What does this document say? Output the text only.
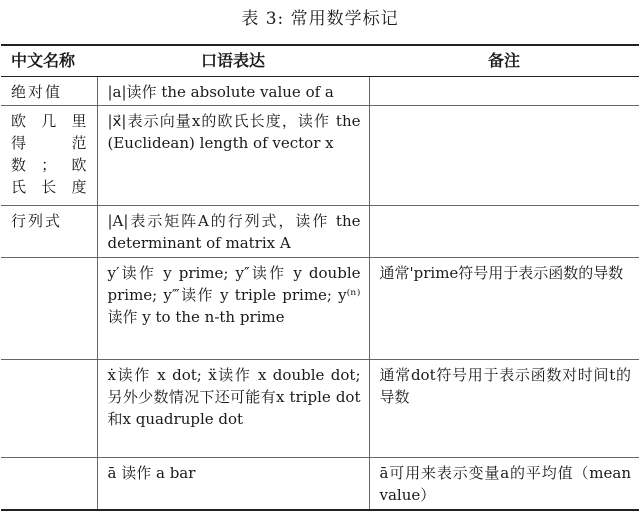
表 3: 常用数学标记
中文名称	口语表达	备注
绝对值	|a|读作 the absolute value of a	

欧几里
得　范
数；欧
氏长度	|x⃗|表示向量x的欧氏长度，读作 the (Euclidean) length of vector x	
行列式	|A|表示矩阵A的行列式，读作 the determinant of matrix A	
	y′读作 y prime; y″读作 y double prime; y‴读作 y triple prime; y⁽ⁿ⁾读作 y to the n-th prime	通常'prime符号用于表示函数的导数
	ẋ读作 x dot; ẍ读作 x double dot; 另外少数情况下还可能有x triple dot和x quadruple dot	通常dot符号用于表示函数对时间t的导数
	ā 读作 a bar	ā可用来表示变量a的平均值（mean value）
